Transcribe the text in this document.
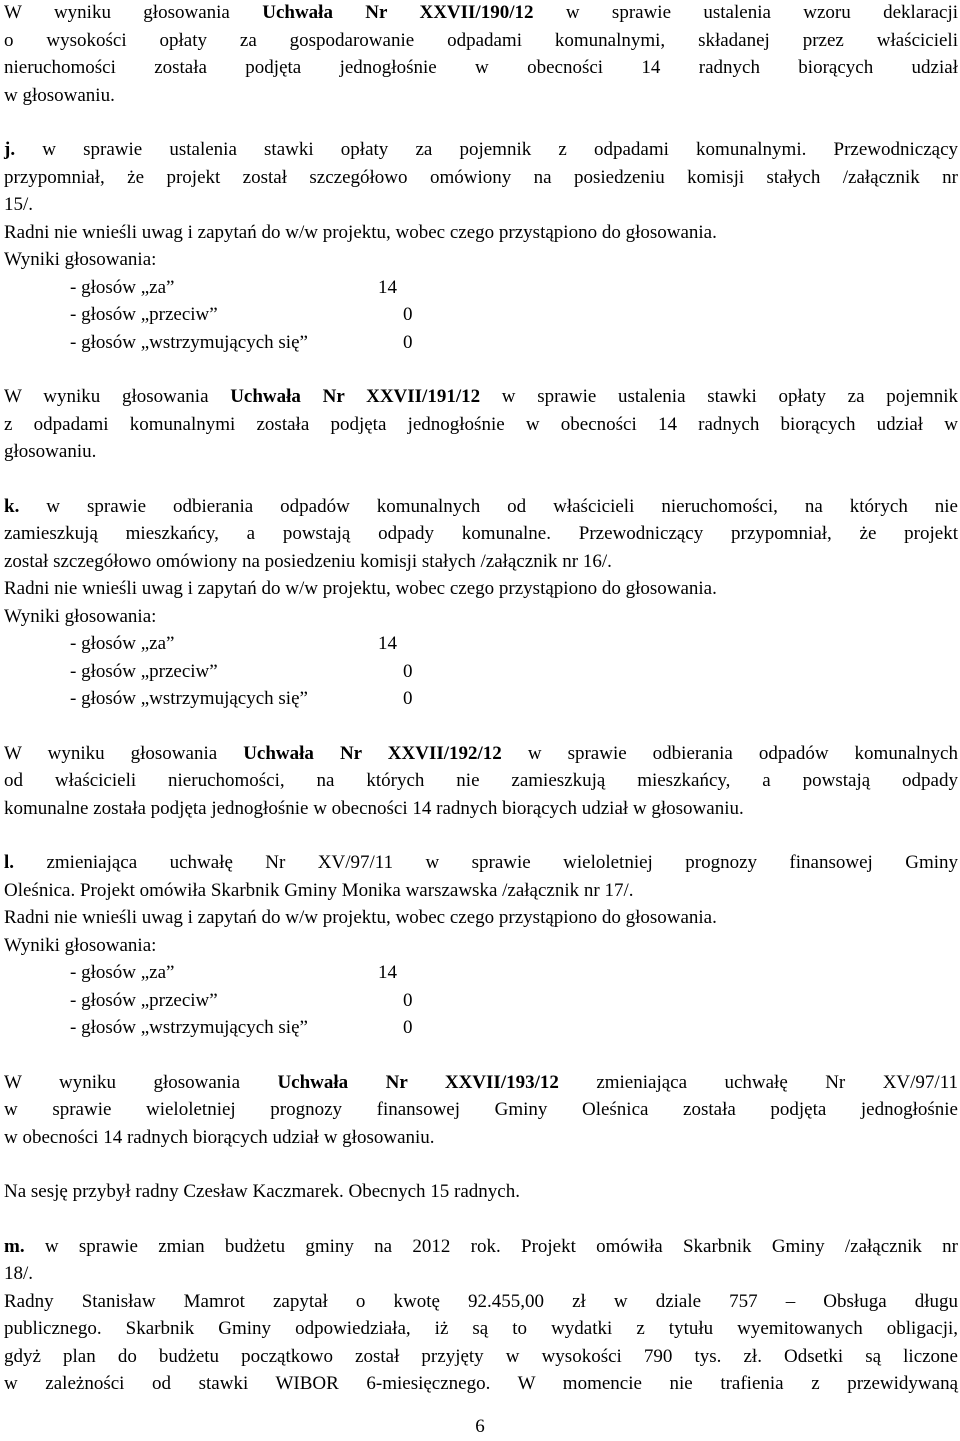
W wyniku głosowania Uchwała Nr XXVII/190/12 w sprawie ustalenia wzoru deklaracji

o wysokości opłaty za gospodarowanie odpadami komunalnymi, składanej przez właścicieli

nieruchomości została podjęta jednogłośnie w obecności 14 radnych biorących udział

w głosowaniu.

j. w sprawie ustalenia stawki opłaty za pojemnik z odpadami komunalnymi. Przewodniczący

przypomniał, że projekt został szczegółowo omówiony na posiedzeniu komisji stałych /załącznik nr

15/.

Radni nie wnieśli uwag i zapytań do w/w projektu, wobec czego przystąpiono do głosowania.

Wyniki głosowania:

- głosów „za”	14
- głosów „przeciw”	0
- głosów „wstrzymujących się”	0

W wyniku głosowania Uchwała Nr XXVII/191/12 w sprawie ustalenia stawki opłaty za pojemnik

z odpadami komunalnymi została podjęta jednogłośnie w obecności 14 radnych biorących udział w

głosowaniu.

k. w sprawie odbierania odpadów komunalnych od właścicieli nieruchomości, na których nie

zamieszkują mieszkańcy, a powstają odpady komunalne. Przewodniczący przypomniał, że projekt

został szczegółowo omówiony na posiedzeniu komisji stałych /załącznik nr 16/.

Radni nie wnieśli uwag i zapytań do w/w projektu, wobec czego przystąpiono do głosowania.

Wyniki głosowania:

- głosów „za”	14
- głosów „przeciw”	0
- głosów „wstrzymujących się”	0

W wyniku głosowania Uchwała Nr XXVII/192/12 w sprawie odbierania odpadów komunalnych

od właścicieli nieruchomości, na których nie zamieszkują mieszkańcy, a powstają odpady

komunalne została podjęta jednogłośnie w obecności 14 radnych biorących udział w głosowaniu.

l. zmieniająca uchwałę Nr XV/97/11 w sprawie wieloletniej prognozy finansowej Gminy

Oleśnica. Projekt omówiła Skarbnik Gminy Monika warszawska /załącznik nr 17/.

Radni nie wnieśli uwag i zapytań do w/w projektu, wobec czego przystąpiono do głosowania.

Wyniki głosowania:

- głosów „za”	14
- głosów „przeciw”	0
- głosów „wstrzymujących się”	0

W wyniku głosowania Uchwała Nr XXVII/193/12 zmieniająca uchwałę Nr XV/97/11

w sprawie wieloletniej prognozy finansowej Gminy Oleśnica została podjęta jednogłośnie

w obecności 14 radnych biorących udział w głosowaniu.

Na sesję przybył radny Czesław Kaczmarek. Obecnych 15 radnych.

m. w sprawie zmian budżetu gminy na 2012 rok. Projekt omówiła Skarbnik Gminy /załącznik nr

18/.

Radny Stanisław Mamrot zapytał o kwotę 92.455,00 zł w dziale 757 – Obsługa długu

publicznego. Skarbnik Gminy odpowiedziała, iż są to wydatki z tytułu wyemitowanych obligacji,

gdyż plan do budżetu początkowo został przyjęty w wysokości 790 tys. zł. Odsetki są liczone

w zależności od stawki WIBOR 6-miesięcznego. W momencie nie trafienia z przewidywaną

6
